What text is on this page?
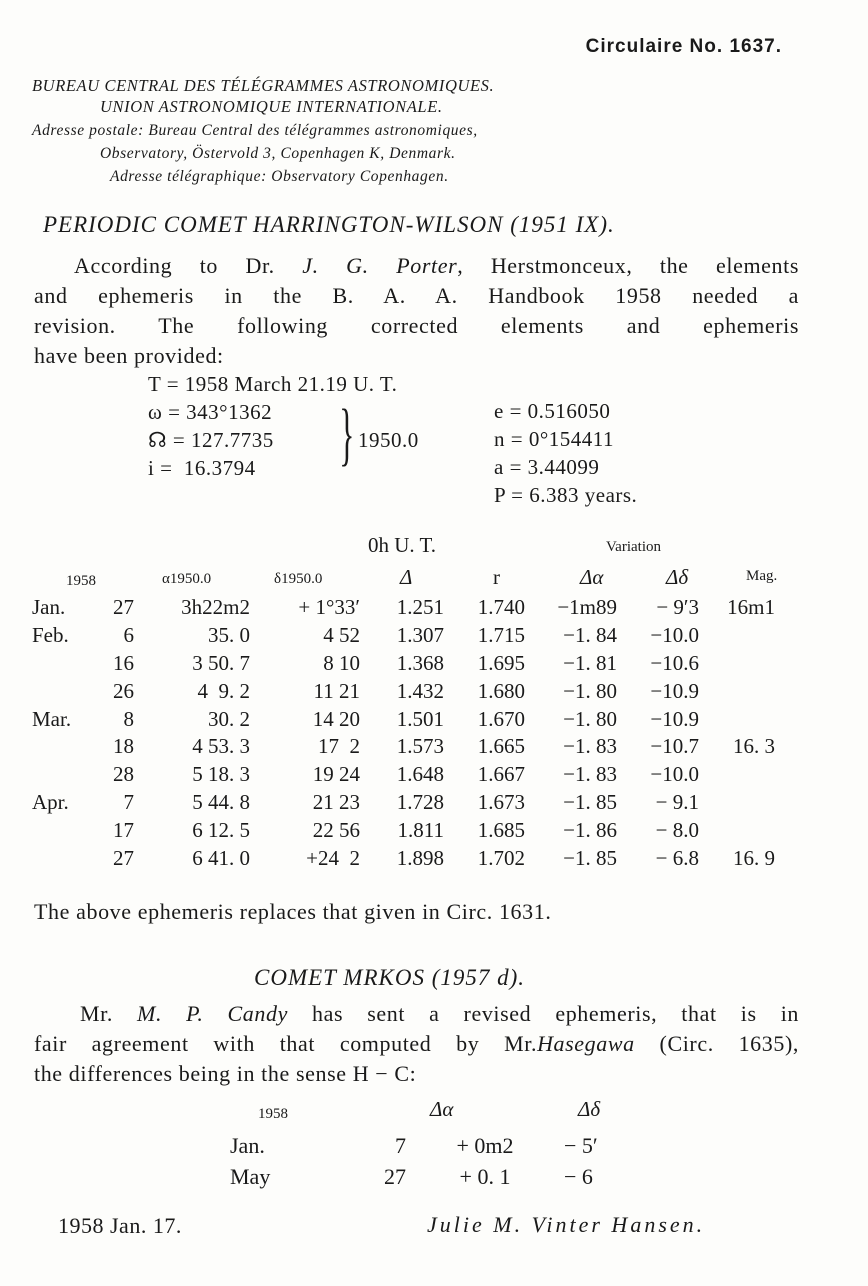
Circulaire No. 1637.
BUREAU CENTRAL DES TÉLÉGRAMMES ASTRONOMIQUES.
UNION ASTRONOMIQUE INTERNATIONALE.
Adresse postale: Bureau Central des télégrammes astronomiques,
Observatory, Östervold 3, Copenhagen K, Denmark.
Adresse télégraphique: Observatory Copenhagen.
PERIODIC COMET HARRINGTON-WILSON (1951 IX).

According to Dr. J. G. Porter, Herstmonceux, the elements

and ephemeris in the B. A. A. Handbook 1958 needed a

revision. The following corrected elements and ephemeris

have been provided:

T = 1958 March 21.19 U. T.
ω = 343°1362
☊ = 127.7735
i =  16.3794 } 1950.0
e = 0.516050
n = 0°154411
a = 3.44099
P = 6.383 years.
0h U. T.	Variation
1958	α1950.0	δ1950.0	Δ	r	Δα	Δδ	Mag.
Jan.	27	3h22m2	+ 1°33′	1.251	1.740	−1m89	− 9′3	16m1
Feb.	6	35. 0	4 52	1.307	1.715	−1. 84	−10.0	
	16	3 50. 7	8 10	1.368	1.695	−1. 81	−10.6	
	26	4  9. 2	11 21	1.432	1.680	−1. 80	−10.9	
Mar.	8	30. 2	14 20	1.501	1.670	−1. 80	−10.9	
	18	4 53. 3	17  2	1.573	1.665	−1. 83	−10.7	16. 3
	28	5 18. 3	19 24	1.648	1.667	−1. 83	−10.0	
Apr.	7	5 44. 8	21 23	1.728	1.673	−1. 85	− 9.1	
	17	6 12. 5	22 56	1.811	1.685	−1. 86	− 8.0	
	27	6 41. 0	+24  2	1.898	1.702	−1. 85	− 6.8	16. 9

The above ephemeris replaces that given in Circ. 1631.

COMET MRKOS (1957 d).

Mr. M. P. Candy has sent a revised ephemeris, that is in

fair agreement with that computed by Mr.Hasegawa (Circ. 1635),

the differences being in the sense H − C:

1958	Δα	Δδ
Jan.	7	+ 0m2	− 5′
May	27	+ 0. 1	− 6
1958 Jan. 17.	Julie M. Vinter Hansen.
